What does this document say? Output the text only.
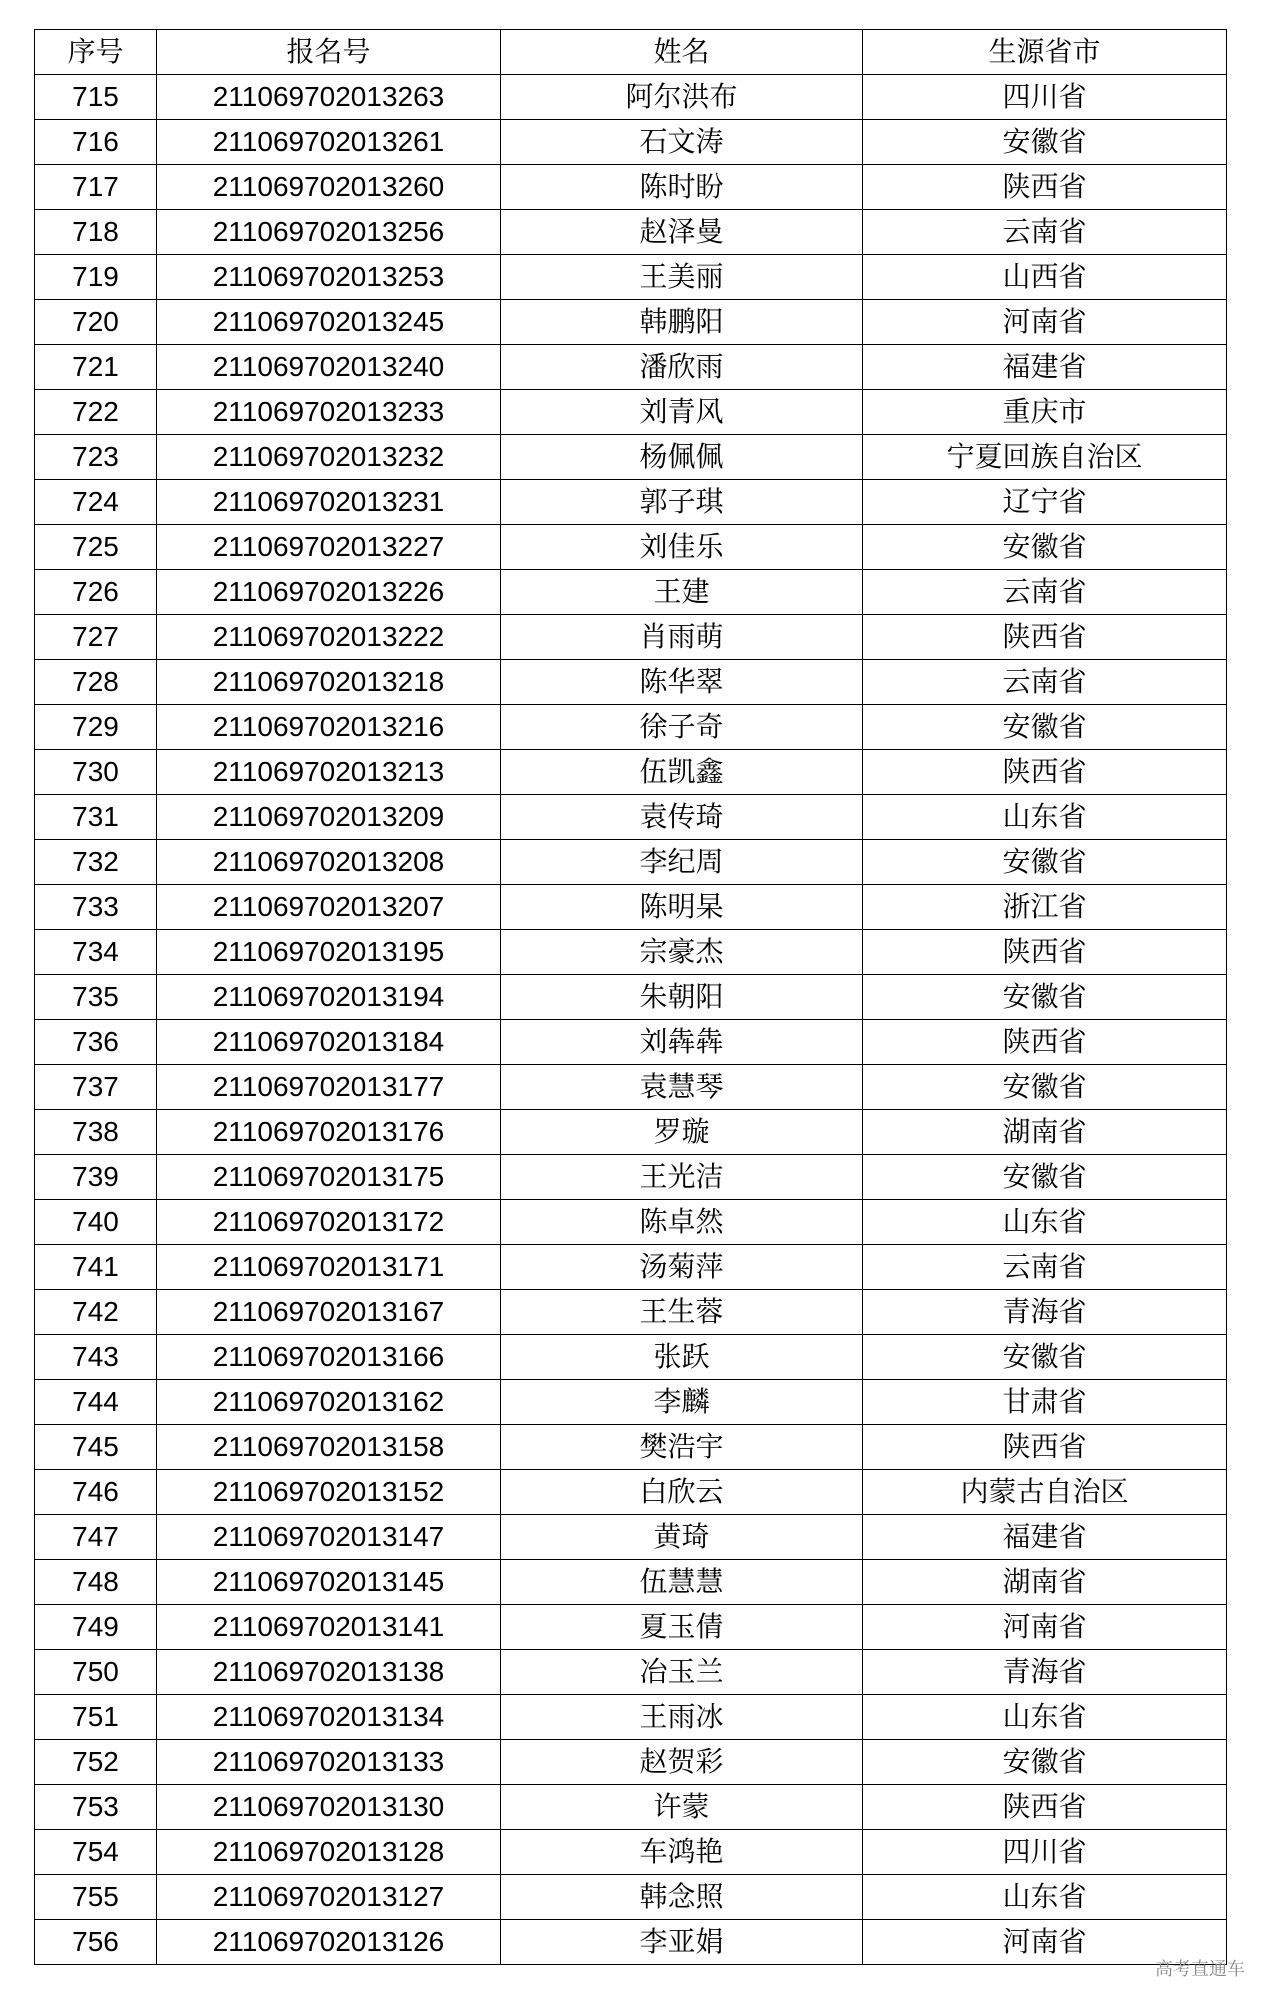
序号	报名号	姓名	生源省市
715	211069702013263	阿尔洪布	四川省
716	211069702013261	石文涛	安徽省
717	211069702013260	陈时盼	陕西省
718	211069702013256	赵泽曼	云南省
719	211069702013253	王美丽	山西省
720	211069702013245	韩鹏阳	河南省
721	211069702013240	潘欣雨	福建省
722	211069702013233	刘青风	重庆市
723	211069702013232	杨佩佩	宁夏回族自治区
724	211069702013231	郭子琪	辽宁省
725	211069702013227	刘佳乐	安徽省
726	211069702013226	王建	云南省
727	211069702013222	肖雨萌	陕西省
728	211069702013218	陈华翠	云南省
729	211069702013216	徐子奇	安徽省
730	211069702013213	伍凯鑫	陕西省
731	211069702013209	袁传琦	山东省
732	211069702013208	李纪周	安徽省
733	211069702013207	陈明杲	浙江省
734	211069702013195	宗豪杰	陕西省
735	211069702013194	朱朝阳	安徽省
736	211069702013184	刘犇犇	陕西省
737	211069702013177	袁慧琴	安徽省
738	211069702013176	罗璇	湖南省
739	211069702013175	王光洁	安徽省
740	211069702013172	陈卓然	山东省
741	211069702013171	汤菊萍	云南省
742	211069702013167	王生蓉	青海省
743	211069702013166	张跃	安徽省
744	211069702013162	李麟	甘肃省
745	211069702013158	樊浩宇	陕西省
746	211069702013152	白欣云	内蒙古自治区
747	211069702013147	黄琦	福建省
748	211069702013145	伍慧慧	湖南省
749	211069702013141	夏玉倩	河南省
750	211069702013138	冶玉兰	青海省
751	211069702013134	王雨冰	山东省
752	211069702013133	赵贺彩	安徽省
753	211069702013130	许蒙	陕西省
754	211069702013128	车鸿艳	四川省
755	211069702013127	韩念照	山东省
756	211069702013126	李亚娟	河南省
高考直通车
